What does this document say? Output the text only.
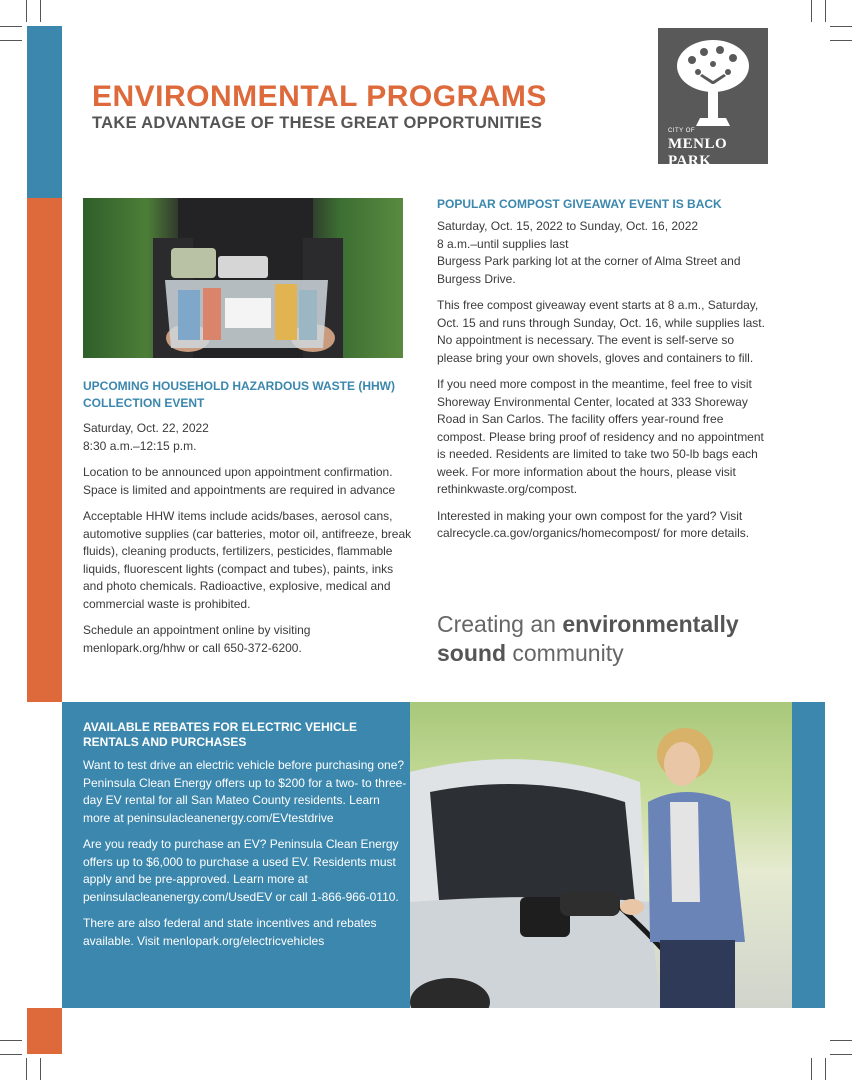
ENVIRONMENTAL PROGRAMS
TAKE ADVANTAGE OF THESE GREAT OPPORTUNITIES	CITY OF
MENLO PARK
UPCOMING HOUSEHOLD HAZARDOUS WASTE (HHW)
COLLECTION EVENT

Saturday, Oct. 22, 2022
8:30 a.m.–12:15 p.m.

Location to be announced upon appointment confirmation. Space is limited and appointments are required in advance

Acceptable HHW items include acids/bases, aerosol cans, automotive supplies (car batteries, motor oil, antifreeze, break fluids), cleaning products, fertilizers, pesticides, flammable liquids, fluorescent lights (compact and tubes), paints, inks and photo chemicals. Radioactive, explosive, medical and commercial waste is prohibited.

Schedule an appointment online by visiting menlopark.org/hhw or call 650-372-6200.

POPULAR COMPOST GIVEAWAY EVENT IS BACK

Saturday, Oct. 15, 2022 to Sunday, Oct. 16, 2022
8 a.m.–until supplies last
Burgess Park parking lot at the corner of Alma Street and Burgess Drive.

This free compost giveaway event starts at 8 a.m., Saturday, Oct. 15 and runs through Sunday, Oct. 16, while supplies last. No appointment is necessary. The event is self-serve so please bring your own shovels, gloves and containers to fill.

If you need more compost in the meantime, feel free to visit Shoreway Environmental Center, located at 333 Shoreway Road in San Carlos. The facility offers year-round free compost. Please bring proof of residency and no appointment is needed. Residents are limited to take two 50-lb bags each week. For more information about the hours, please visit rethinkwaste.org/compost.

Interested in making your own compost for the yard? Visit calrecycle.ca.gov/organics/homecompost/ for more details.

Creating an environmentally
sound community
AVAILABLE REBATES FOR ELECTRIC VEHICLE RENTALS AND PURCHASES

Want to test drive an electric vehicle before purchasing one? Peninsula Clean Energy offers up to $200 for a two- to three-day EV rental for all San Mateo County residents. Learn more at peninsulacleanenergy.com/EVtestdrive

Are you ready to purchase an EV? Peninsula Clean Energy offers up to $6,000 to purchase a used EV. Residents must apply and be pre-approved. Learn more at peninsulacleanenergy.com/UsedEV or call 1-866-966-0110.

There are also federal and state incentives and rebates available. Visit menlopark.org/electricvehicles
